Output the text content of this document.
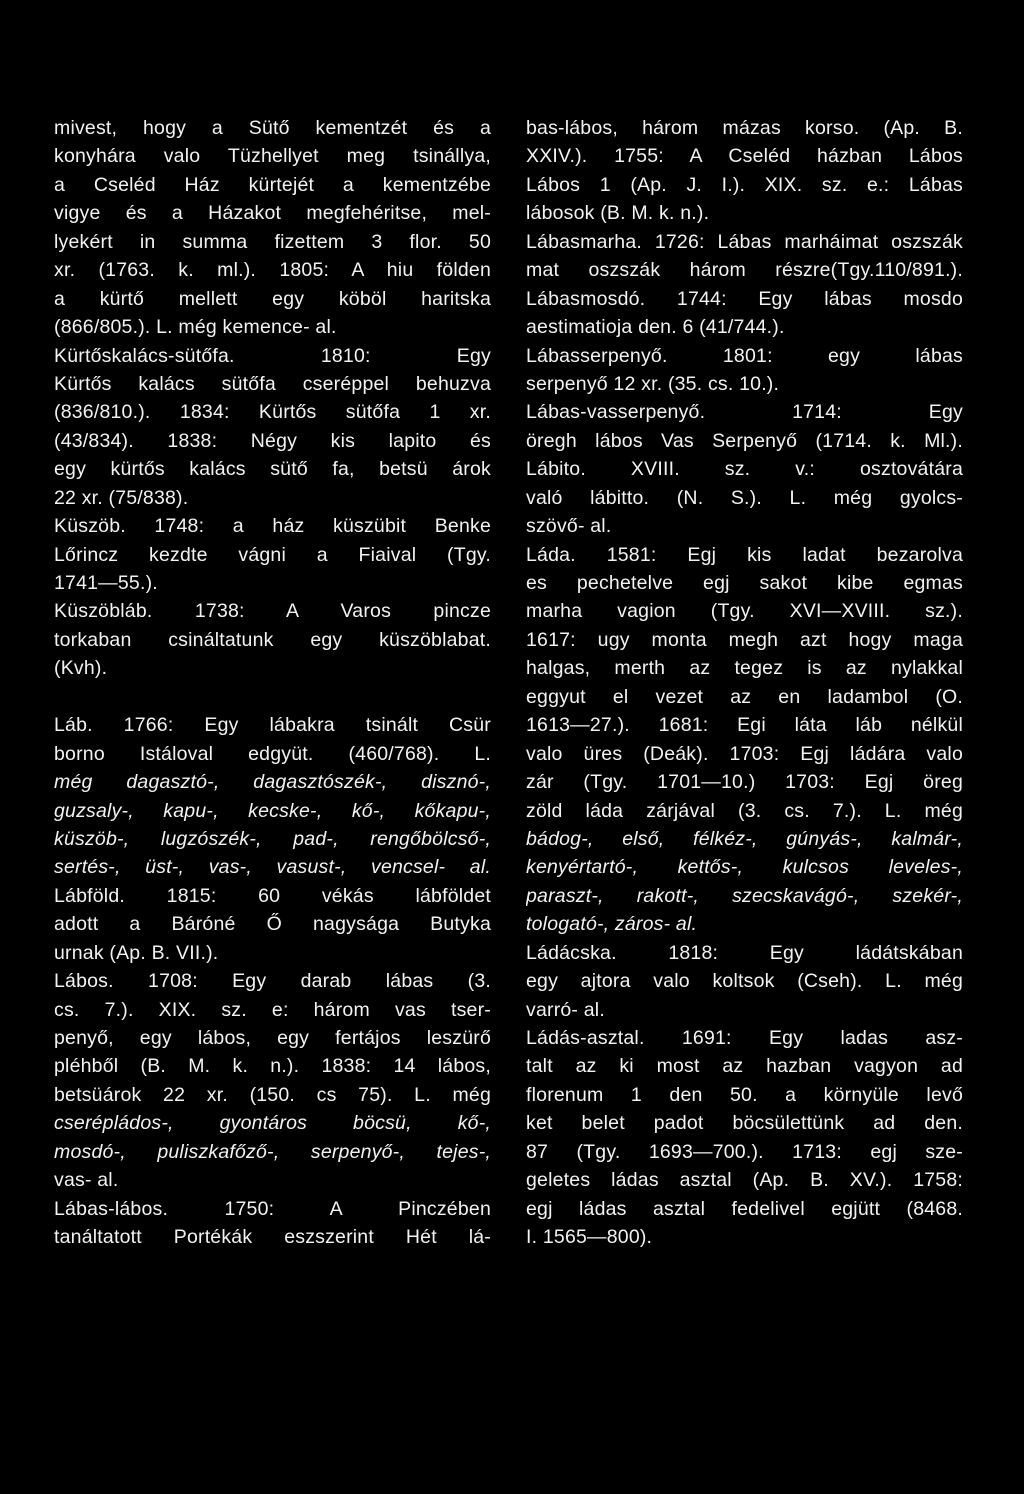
mivest, hogy a Sütő kementzét és a
konyhára valo Tüzhellyet meg tsinállya,
a Cseléd Ház kürtejét a kementzébe
vigye és a Házakot megfehéritse, mel-
lyekért in summa fizettem 3 flor. 50
xr. (1763. k. ml.). 1805: A hiu földen
a kürtő mellett egy köböl haritska
(866/805.). L. még kemence- al.
Kürtőskalács-sütőfa. 1810: Egy
Kürtős kalács sütőfa cseréppel behuzva
(836/810.). 1834: Kürtős sütőfa 1 xr.
(43/834). 1838: Négy kis lapito és
egy kürtős kalács sütő fa, betsü árok
22 xr. (75/838).
Küszöb. 1748: a ház küszübit Benke
Lőrincz kezdte vágni a Fiaival (Tgy.
1741—55.).
Küszöbláb. 1738: A Varos pincze
torkaban csináltatunk egy küszöblabat.
(Kvh).
Láb. 1766: Egy lábakra tsinált Csür
borno Istáloval edgyüt. (460/768). L.
még dagasztó-, dagasztószék-, disznó-,
guzsaly-, kapu-, kecske-, kő-, kőkapu-,
küszöb-, lugzószék-, pad-, rengőbölcső-,
sertés-, üst-, vas-, vasust-, vencsel- al.
Lábföld. 1815: 60 vékás lábföldet
adott a Báróné Ő nagysága Butyka
urnak (Ap. B. VII.).
Lábos. 1708: Egy darab lábas (3.
cs. 7.). XIX. sz. e: három vas tser-
penyő, egy lábos, egy fertájos leszürő
pléhből (B. M. k. n.). 1838: 14 lábos,
betsüárok 22 xr. (150. cs 75). L. még
cserépládos-, gyontáros böcsü, kő-,
mosdó-, puliszkafőző-, serpenyő-, tejes-,
vas- al.
Lábas-lábos. 1750: A Pinczében
tanáltatott Portékák eszszerint Hét lá-
bas-lábos, három mázas korso. (Ap. B.
XXIV.). 1755: A Cseléd házban Lábos
Lábos 1 (Ap. J. I.). XIX. sz. e.: Lábas
lábosok (B. M. k. n.).
Lábasmarha. 1726: Lábas marháimat oszszák
mat oszszák három részre(Tgy.110/891.).
Lábasmosdó. 1744: Egy lábas mosdo
aestimatioja den. 6 (41/744.).
Lábasserpenyő. 1801: egy lábas
serpenyő 12 xr. (35. cs. 10.).
Lábas-vasserpenyő. 1714: Egy
öregh lábos Vas Serpenyő (1714. k. Ml.).
Lábito. XVIII. sz. v.: osztovátára
való lábitto. (N. S.). L. még gyolcs-
szövő- al.
Láda. 1581: Egj kis ladat bezarolva
es pechetelve egj sakot kibe egmas
marha vagion (Tgy. XVI—XVIII. sz.).
1617: ugy monta megh azt hogy maga
halgas, merth az tegez is az nylakkal
eggyut el vezet az en ladambol (O.
1613—27.). 1681: Egi láta láb nélkül
valo üres (Deák). 1703: Egj ládára valo
zár (Tgy. 1701—10.) 1703: Egj öreg
zöld láda zárjával (3. cs. 7.). L. még
bádog-, első, félkéz-, gúnyás-, kalmár-,
kenyértartó-, kettős-, kulcsos leveles-,
paraszt-, rakott-, szecskavágó-, szekér-,
tologató-, záros- al.
Ládácska. 1818: Egy ládátskában
egy ajtora valo koltsok (Cseh). L. még
varró- al.
Ládás-asztal. 1691: Egy ladas asz-
talt az ki most az hazban vagyon ad
florenum 1 den 50. a környüle levő
ket belet padot böcsülettünk ad den.
87 (Tgy. 1693—700.). 1713: egj sze-
geletes ládas asztal (Ap. B. XV.). 1758:
egj ládas asztal fedelivel egjütt (8468.
I. 1565—800).
